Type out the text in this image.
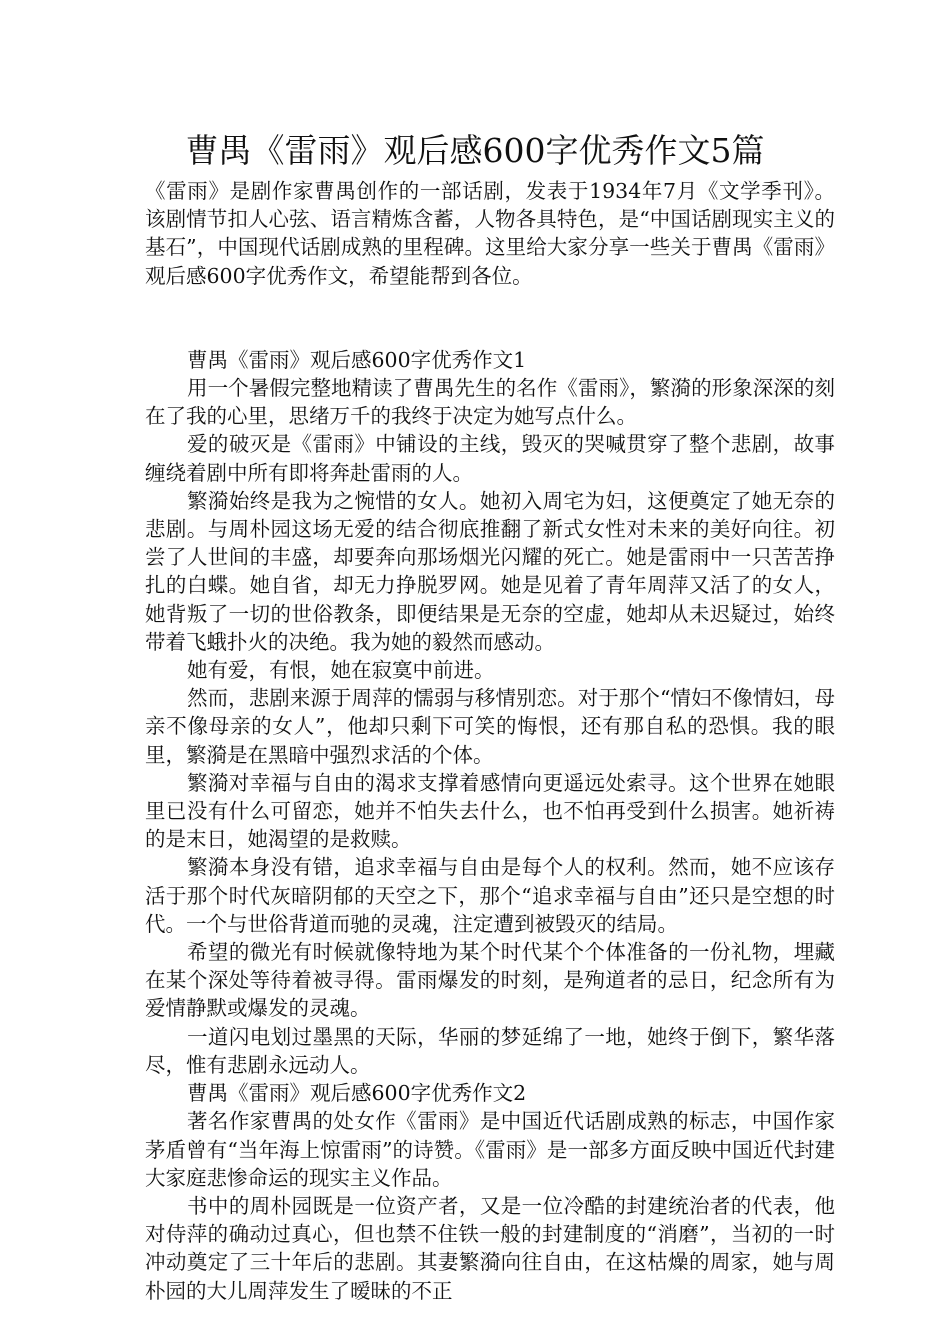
曹禺《雷雨》观后感600字优秀作文5篇

《雷雨》是剧作家曹禺创作的一部话剧，发表于1934年7月《文学季刊》。该剧情节扣人心弦、语言精炼含蓄，人物各具特色，是“中国话剧现实主义的基石”，中国现代话剧成熟的里程碑。这里给大家分享一些关于曹禺《雷雨》观后感600字优秀作文，希望能帮到各位。

曹禺《雷雨》观后感600字优秀作文1

用一个暑假完整地精读了曹禺先生的名作《雷雨》，繁漪的形象深深的刻在了我的心里，思绪万千的我终于决定为她写点什么。

爱的破灭是《雷雨》中铺设的主线，毁灭的哭喊贯穿了整个悲剧，故事缠绕着剧中所有即将奔赴雷雨的人。

繁漪始终是我为之惋惜的女人。她初入周宅为妇，这便奠定了她无奈的悲剧。与周朴园这场无爱的结合彻底推翻了新式女性对未来的美好向往。初尝了人世间的丰盛，却要奔向那场烟光闪耀的死亡。她是雷雨中一只苦苦挣扎的白蝶。她自省，却无力挣脱罗网。她是见着了青年周萍又活了的女人，她背叛了一切的世俗教条，即便结果是无奈的空虚，她却从未迟疑过，始终带着飞蛾扑火的决绝。我为她的毅然而感动。

她有爱，有恨，她在寂寞中前进。

然而，悲剧来源于周萍的懦弱与移情别恋。对于那个“情妇不像情妇，母亲不像母亲的女人”，他却只剩下可笑的悔恨，还有那自私的恐惧。我的眼里，繁漪是在黑暗中强烈求活的个体。

繁漪对幸福与自由的渴求支撑着感情向更遥远处索寻。这个世界在她眼里已没有什么可留恋，她并不怕失去什么，也不怕再受到什么损害。她祈祷的是末日，她渴望的是救赎。

繁漪本身没有错，追求幸福与自由是每个人的权利。然而，她不应该存活于那个时代灰暗阴郁的天空之下，那个“追求幸福与自由”还只是空想的时代。一个与世俗背道而驰的灵魂，注定遭到被毁灭的结局。

希望的微光有时候就像特地为某个时代某个个体准备的一份礼物，埋藏在某个深处等待着被寻得。雷雨爆发的时刻，是殉道者的忌日，纪念所有为爱情静默或爆发的灵魂。

一道闪电划过墨黑的天际，华丽的梦延绵了一地，她终于倒下，繁华落尽，惟有悲剧永远动人。

曹禺《雷雨》观后感600字优秀作文2

著名作家曹禺的处女作《雷雨》是中国近代话剧成熟的标志，中国作家茅盾曾有“当年海上惊雷雨”的诗赞。《雷雨》是一部多方面反映中国近代封建大家庭悲惨命运的现实主义作品。

书中的周朴园既是一位资产者，又是一位冷酷的封建统治者的代表，他对侍萍的确动过真心，但也禁不住铁一般的封建制度的“消磨”，当初的一时冲动奠定了三十年后的悲剧。其妻繁漪向往自由，在这枯燥的周家，她与周朴园的大儿周萍发生了暧昧的不正
